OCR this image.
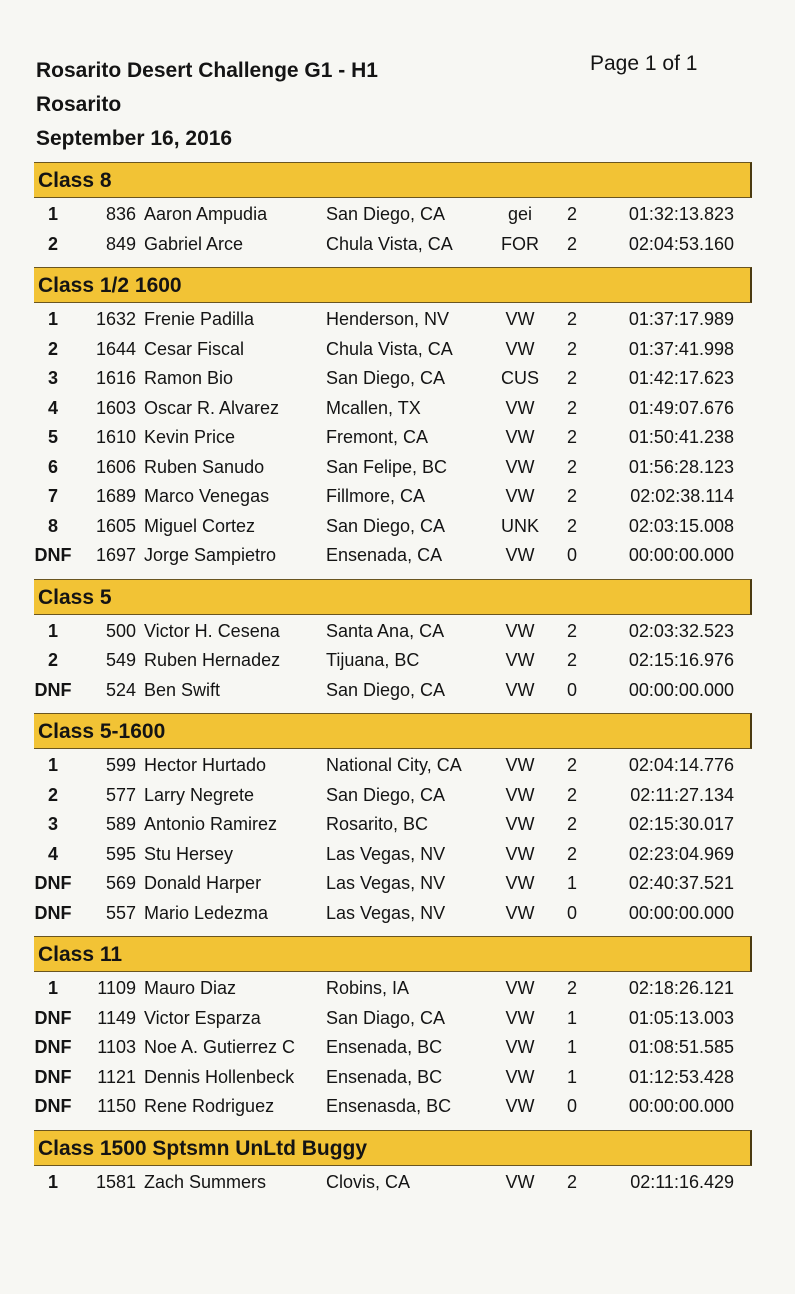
Rosarito Desert Challenge G1 - H1
Rosarito
September 16, 2016
Page 1 of 1
Class 8
1	836 Aaron Ampudia	San Diego, CA	gei	2	01:32:13.823
2	849 Gabriel Arce	Chula Vista, CA	FOR	2	02:04:53.160
Class 1/2 1600
1	1632 Frenie Padilla	Henderson, NV	VW	2	01:37:17.989
2	1644 Cesar Fiscal	Chula Vista, CA	VW	2	01:37:41.998
3	1616 Ramon Bio	San Diego, CA	CUS	2	01:42:17.623
4	1603 Oscar R. Alvarez	Mcallen, TX	VW	2	01:49:07.676
5	1610 Kevin Price	Fremont, CA	VW	2	01:50:41.238
6	1606 Ruben Sanudo	San Felipe, BC	VW	2	01:56:28.123
7	1689 Marco Venegas	Fillmore, CA	VW	2	02:02:38.114
8	1605 Miguel Cortez	San Diego, CA	UNK	2	02:03:15.008
DNF	1697 Jorge Sampietro	Ensenada, CA	VW	0	00:00:00.000
Class 5
1	500 Victor H. Cesena	Santa Ana, CA	VW	2	02:03:32.523
2	549 Ruben Hernadez	Tijuana, BC	VW	2	02:15:16.976
DNF	524 Ben Swift	San Diego, CA	VW	0	00:00:00.000
Class 5-1600
1	599 Hector Hurtado	National City, CA	VW	2	02:04:14.776
2	577 Larry Negrete	San Diego, CA	VW	2	02:11:27.134
3	589 Antonio Ramirez	Rosarito, BC	VW	2	02:15:30.017
4	595 Stu Hersey	Las Vegas, NV	VW	2	02:23:04.969
DNF	569 Donald Harper	Las Vegas, NV	VW	1	02:40:37.521
DNF	557 Mario Ledezma	Las Vegas, NV	VW	0	00:00:00.000
Class 11
1	1109 Mauro Diaz	Robins, IA	VW	2	02:18:26.121
DNF	1149 Victor Esparza	San Diago, CA	VW	1	01:05:13.003
DNF	1103 Noe A. Gutierrez C	Ensenada, BC	VW	1	01:08:51.585
DNF	1121 Dennis Hollenbeck	Ensenada, BC	VW	1	01:12:53.428
DNF	1150 Rene Rodriguez	Ensenasda, BC	VW	0	00:00:00.000
Class 1500 Sptsmn UnLtd Buggy
1	1581 Zach Summers	Clovis, CA	VW	2	02:11:16.429
